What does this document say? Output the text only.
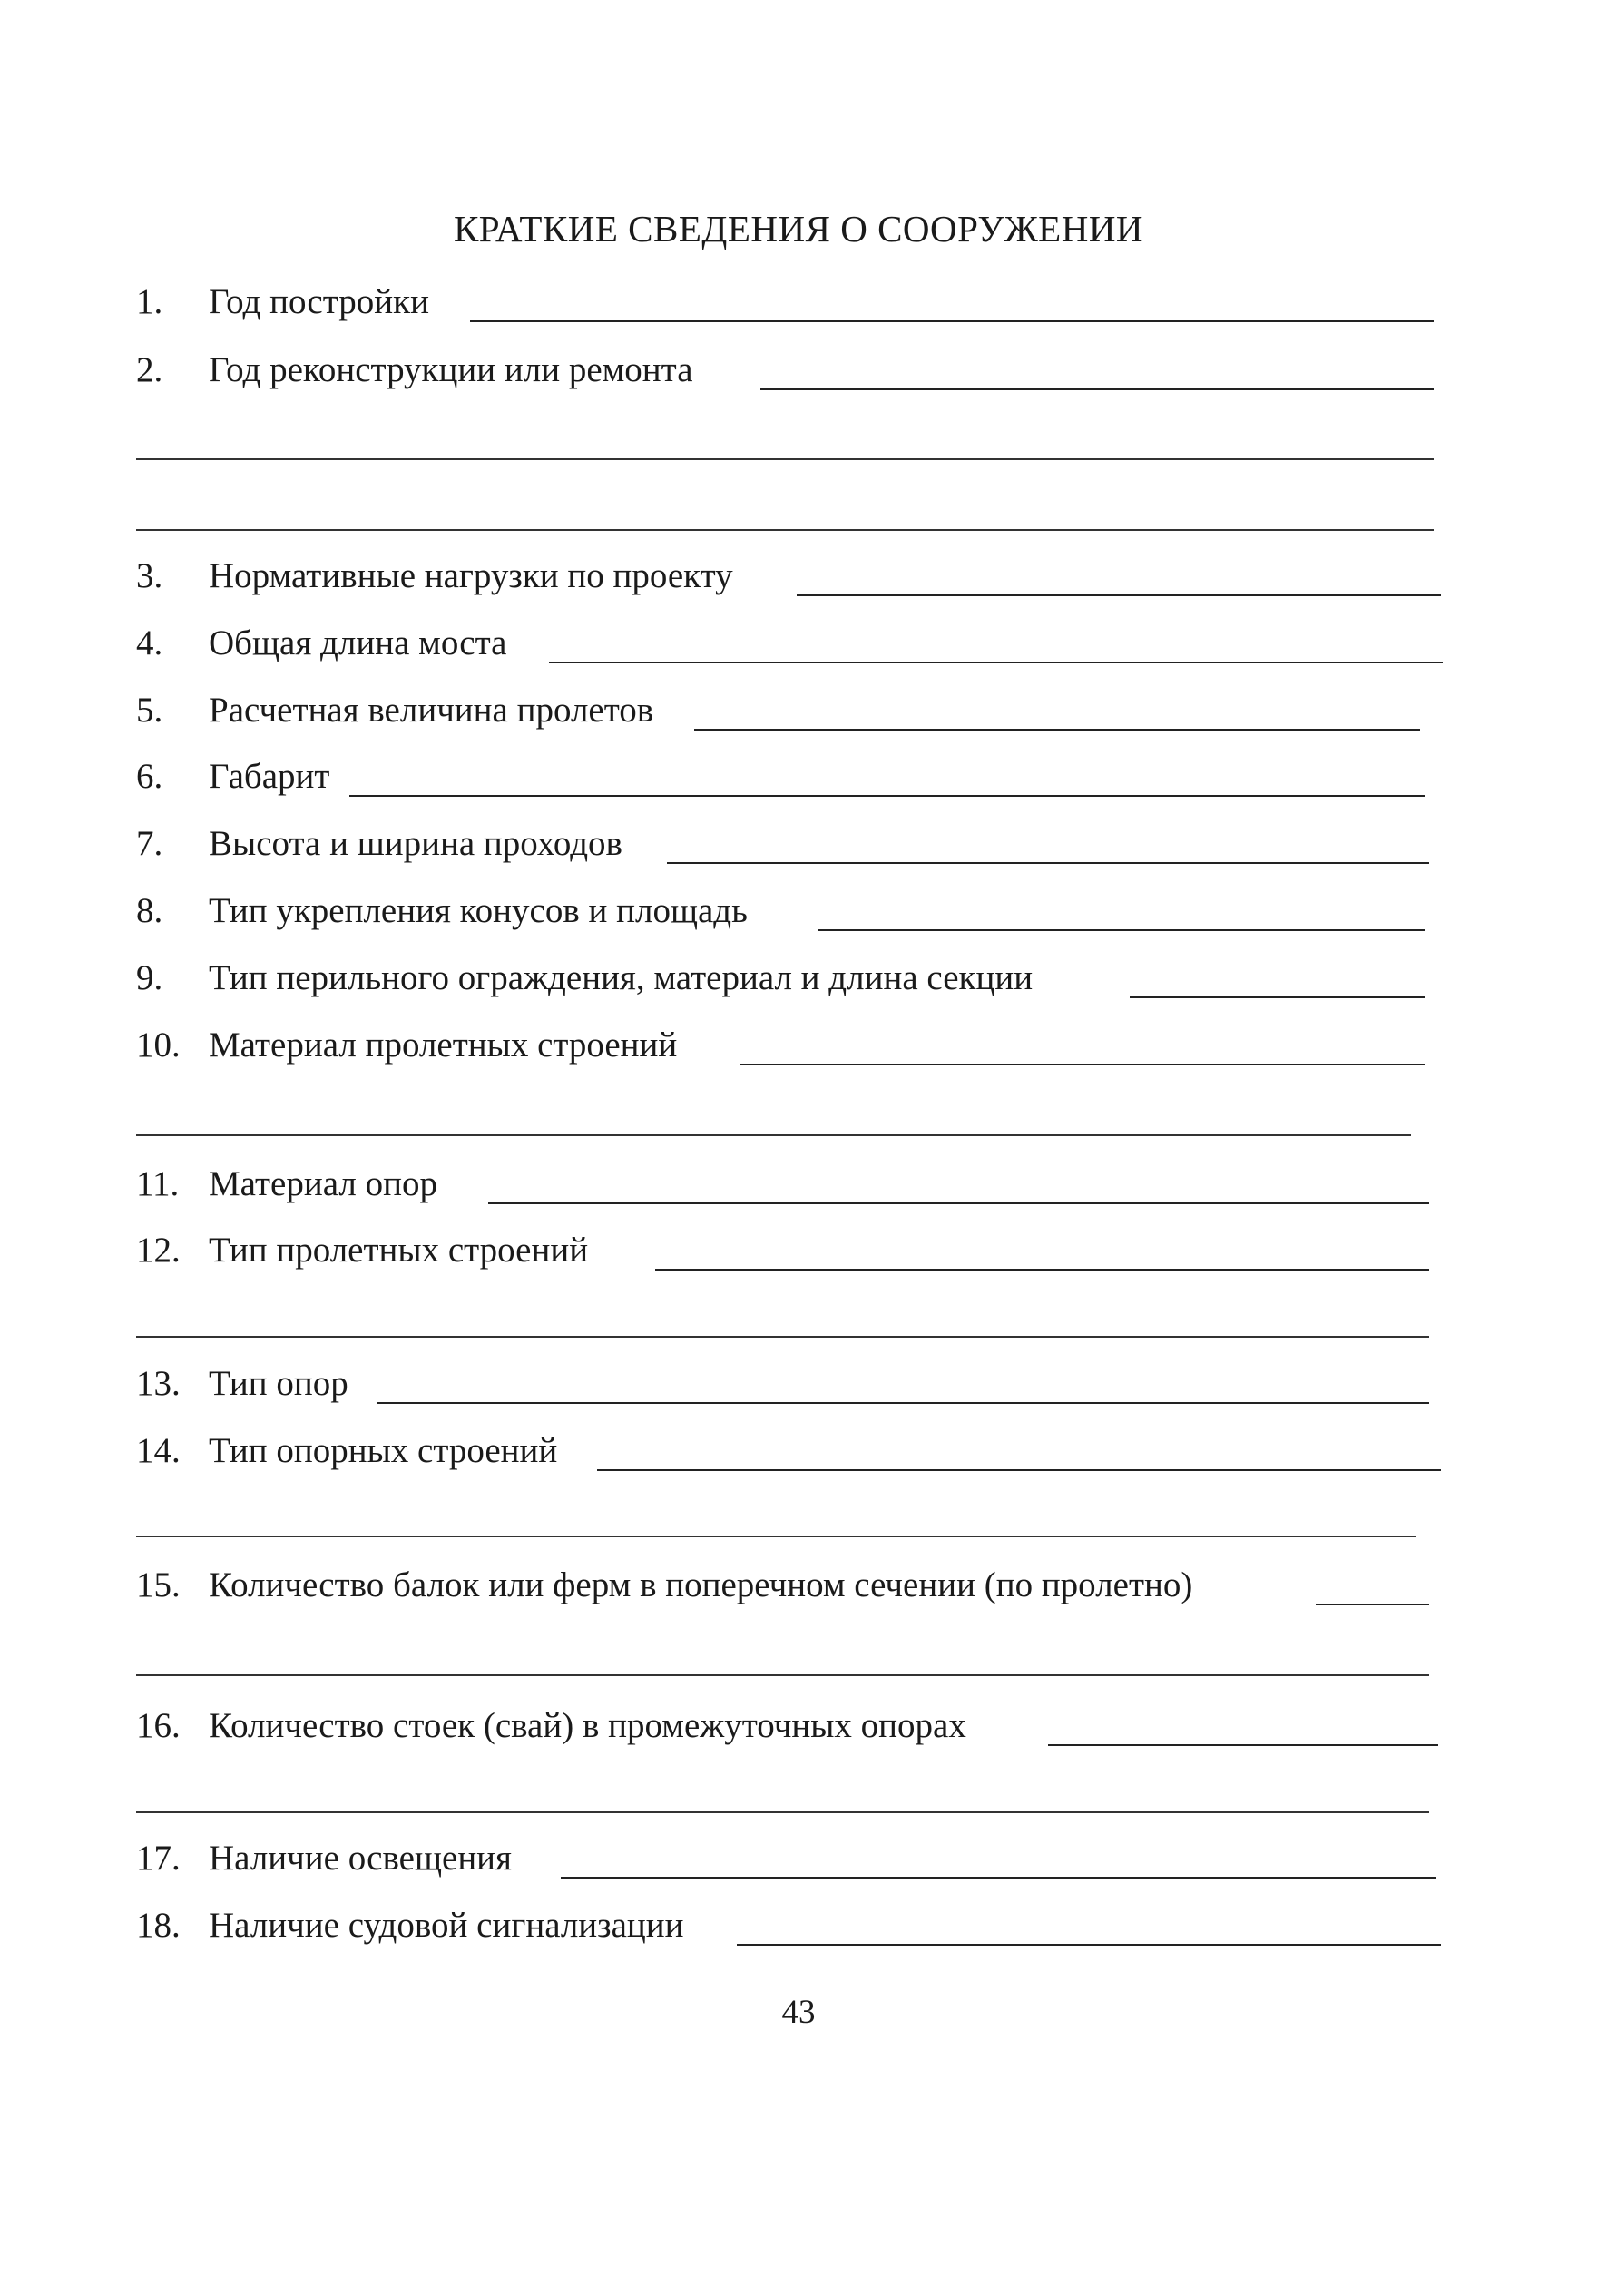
КРАТКИЕ СВЕДЕНИЯ О СООРУЖЕНИИ
1. Год постройки
2. Год реконструкции или ремонта
3. Нормативные нагрузки по проекту
4. Общая длина моста
5. Расчетная величина пролетов
6. Габарит
7. Высота и ширина проходов
8. Тип укрепления конусов и площадь
9. Тип перильного ограждения, материал и длина секции
10. Материал пролетных строений
11. Материал опор
12. Тип пролетных строений
13. Тип опор
14. Тип опорных строений
15. Количество балок или ферм в поперечном сечении (по пролетно)
16. Количество стоек (свай) в промежуточных опорах
17. Наличие освещения
18. Наличие судовой сигнализации
43
